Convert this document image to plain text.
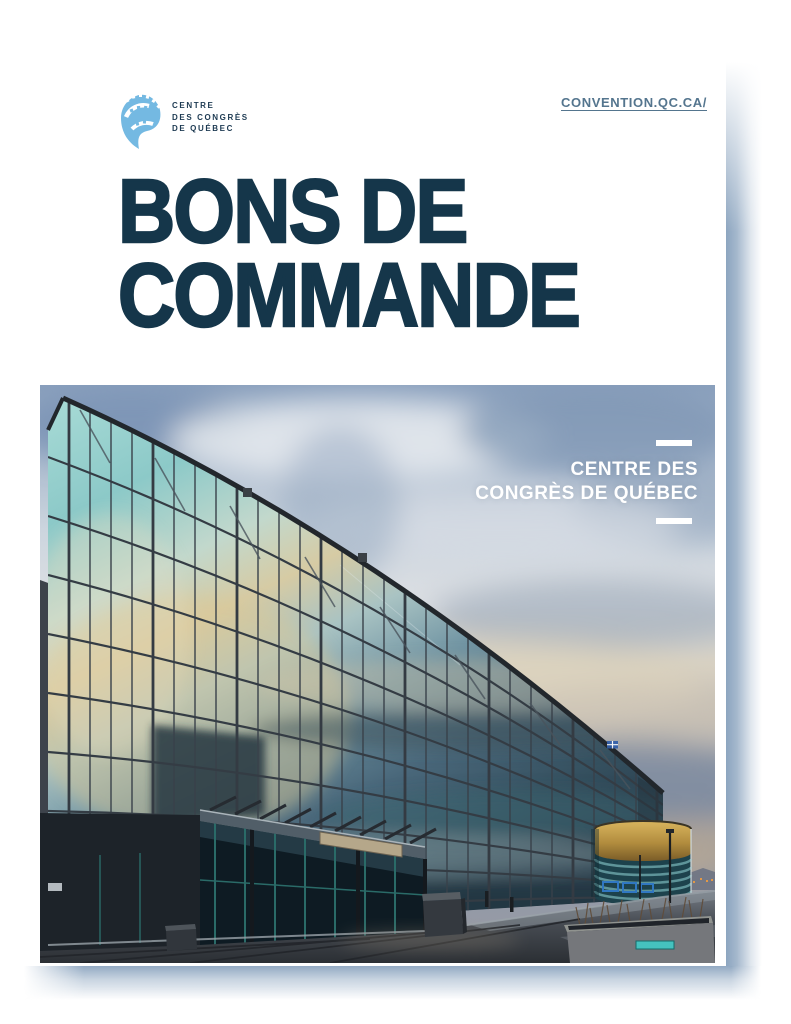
CENTRE
DES CONGRÈS
DE QUÉBEC
CONVENTION.QC.CA/
BONS DE
COMMANDE
CENTRE DES
CONGRÈS DE QUÉBEC
